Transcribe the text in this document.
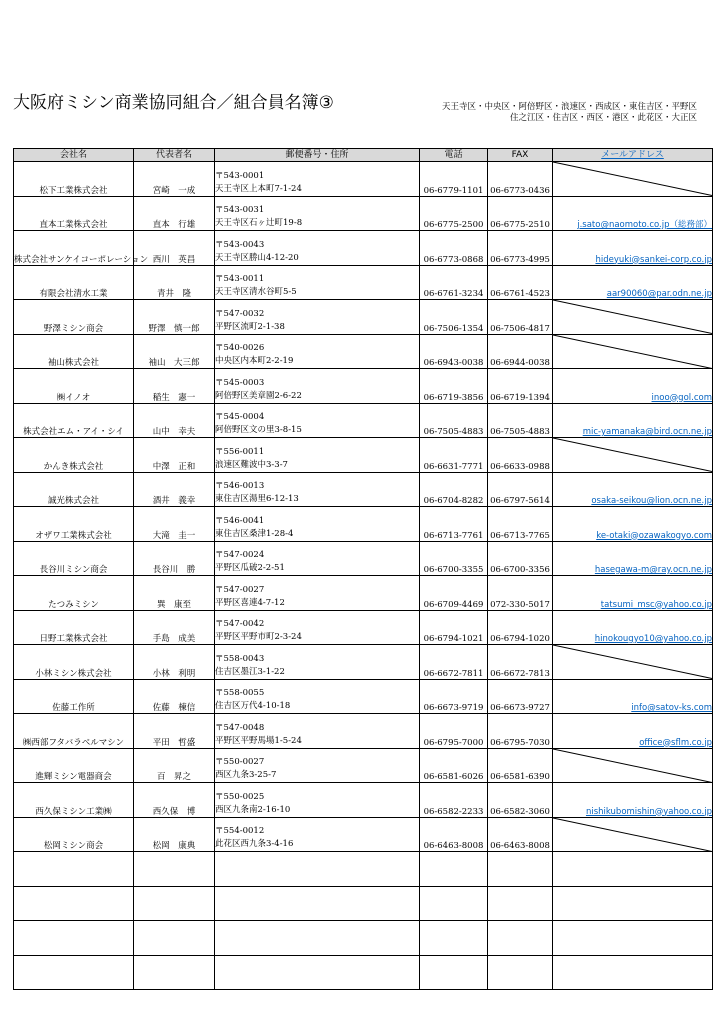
大阪府ミシン商業協同組合／組合員名簿③	天王寺区・中央区・阿倍野区・浪速区・西成区・東住吉区・平野区
住之江区・住吉区・西区・港区・此花区・大正区
会社名	代表者名	郵便番号・住所	電話	FAX	メールアドレス
松下工業株式会社	宮崎　一成	〒543-0001
天王寺区上本町7-1-24	06-6779-1101	06-6773-0436	

直本工業株式会社	直本　行雄	〒543-0031
天王寺区石ヶ辻町19-8	06-6775-2500	06-6775-2510	j.sato@naomoto.co.jp（総務部）
株式会社サンケイコーポレーション	西川　英昌	〒543-0043
天王寺区勝山4-12-20	06-6773-0868	06-6773-4995	hideyuki@sankei-corp.co.jp
有限会社清水工業	青井　隆	〒543-0011
天王寺区清水谷町5-5	06-6761-3234	06-6761-4523	aar90060@par.odn.ne.jp
野澤ミシン商会	野澤　慎一郎	〒547-0032
平野区流町2-1-38	06-7506-1354	06-7506-4817	

袖山株式会社	袖山　大三郎	〒540-0026
中央区内本町2-2-19	06-6943-0038	06-6944-0038	

㈱イノオ	稲生　憲一	〒545-0003
阿倍野区美章園2-6-22	06-6719-3856	06-6719-1394	inoo@gol.com
株式会社エム・アイ・シイ	山中　幸夫	〒545-0004
阿倍野区文の里3-8-15	06-7505-4883	06-7505-4883	mic-yamanaka@bird.ocn.ne.jp
かんき株式会社	中澤　正和	〒556-0011
浪速区難波中3-3-7	06-6631-7771	06-6633-0988	

誠光株式会社	酒井　義幸	〒546-0013
東住吉区湯里6-12-13	06-6704-8282	06-6797-5614	osaka-seikou@lion.ocn.ne.jp
オザワ工業株式会社	大滝　圭一	〒546-0041
東住吉区桑津1-28-4	06-6713-7761	06-6713-7765	ke-otaki@ozawakogyo.com
長谷川ミシン商会	長谷川　勝	〒547-0024
平野区瓜破2-2-51	06-6700-3355	06-6700-3356	hasegawa-m@ray.ocn.ne.jp
たつみミシン	巽　康至	〒547-0027
平野区喜連4-7-12	06-6709-4469	072-330-5017	tatsumi_msc@yahoo.co.jp
日野工業株式会社	手島　成美	〒547-0042
平野区平野市町2-3-24	06-6794-1021	06-6794-1020	hinokougyo10@yahoo.co.jp
小林ミシン株式会社	小林　利明	〒558-0043
住吉区墨江3-1-22	06-6672-7811	06-6672-7813	

佐藤工作所	佐藤　棟信	〒558-0055
住吉区万代4-10-18	06-6673-9719	06-6673-9727	info@satov-ks.com
㈱西部フタバラベルマシン	平田　哲盛	〒547-0048
平野区平野馬場1-5-24	06-6795-7000	06-6795-7030	office@sflm.co.jp
進輝ミシン電器商会	百　昇之	〒550-0027
西区九条3-25-7	06-6581-6026	06-6581-6390	

西久保ミシン工業㈱	西久保　博	〒550-0025
西区九条南2-16-10	06-6582-2233	06-6582-3060	nishikubomishin@yahoo.co.jp
松岡ミシン商会	松岡　康典	〒554-0012
此花区西九条3-4-16	06-6463-8008	06-6463-8008	
